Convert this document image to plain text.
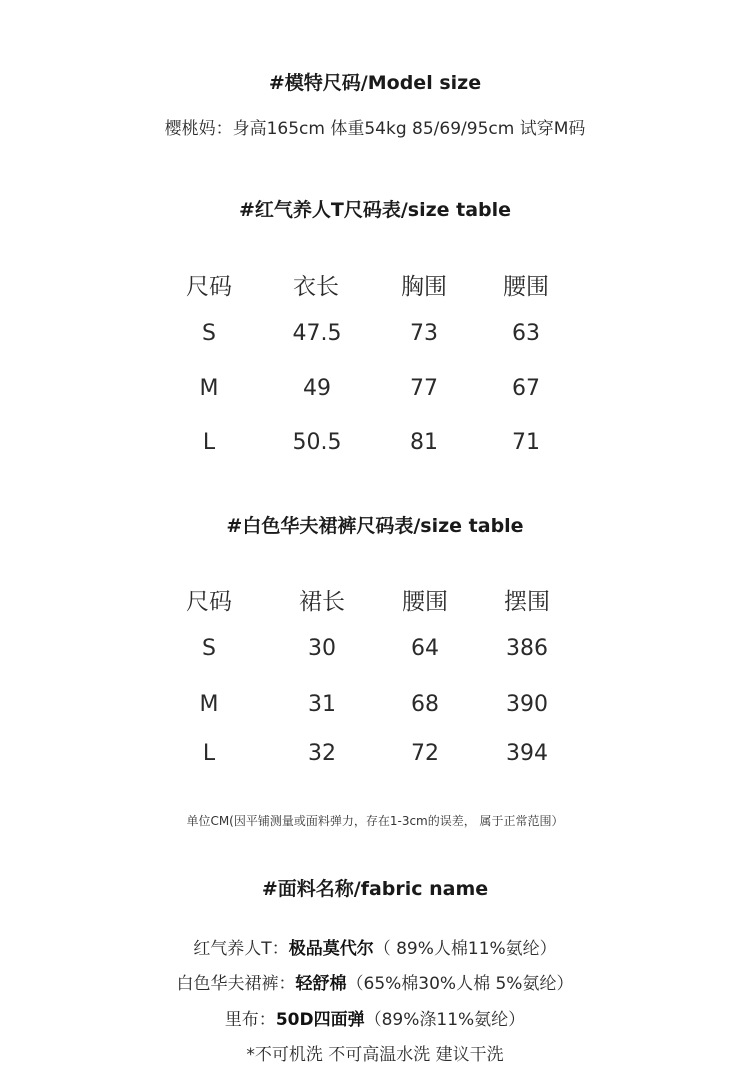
#模特尺码/Model size
樱桃妈：身高165cm 体重54kg 85/69/95cm 试穿M码
#红气养人T尺码表/size table
尺码	衣长	胸围	腰围
S	47.5	73	63
M	49	77	67
L	50.5	81	71
#白色华夫裙裤尺码表/size table
尺码	裙长	腰围	摆围
S	30	64	386
M	31	68	390
L	32	72	394
单位CM(因平铺测量或面料弹力，存在1-3cm的误差， 属于正常范围）
#面料名称/fabric name
红气养人T：极品莫代尔（ 89%人棉11%氨纶）
白色华夫裙裤：轻舒棉（65%棉30%人棉 5%氨纶）
里布：50D四面弹（89%涤11%氨纶）
*不可机洗 不可高温水洗 建议干洗
